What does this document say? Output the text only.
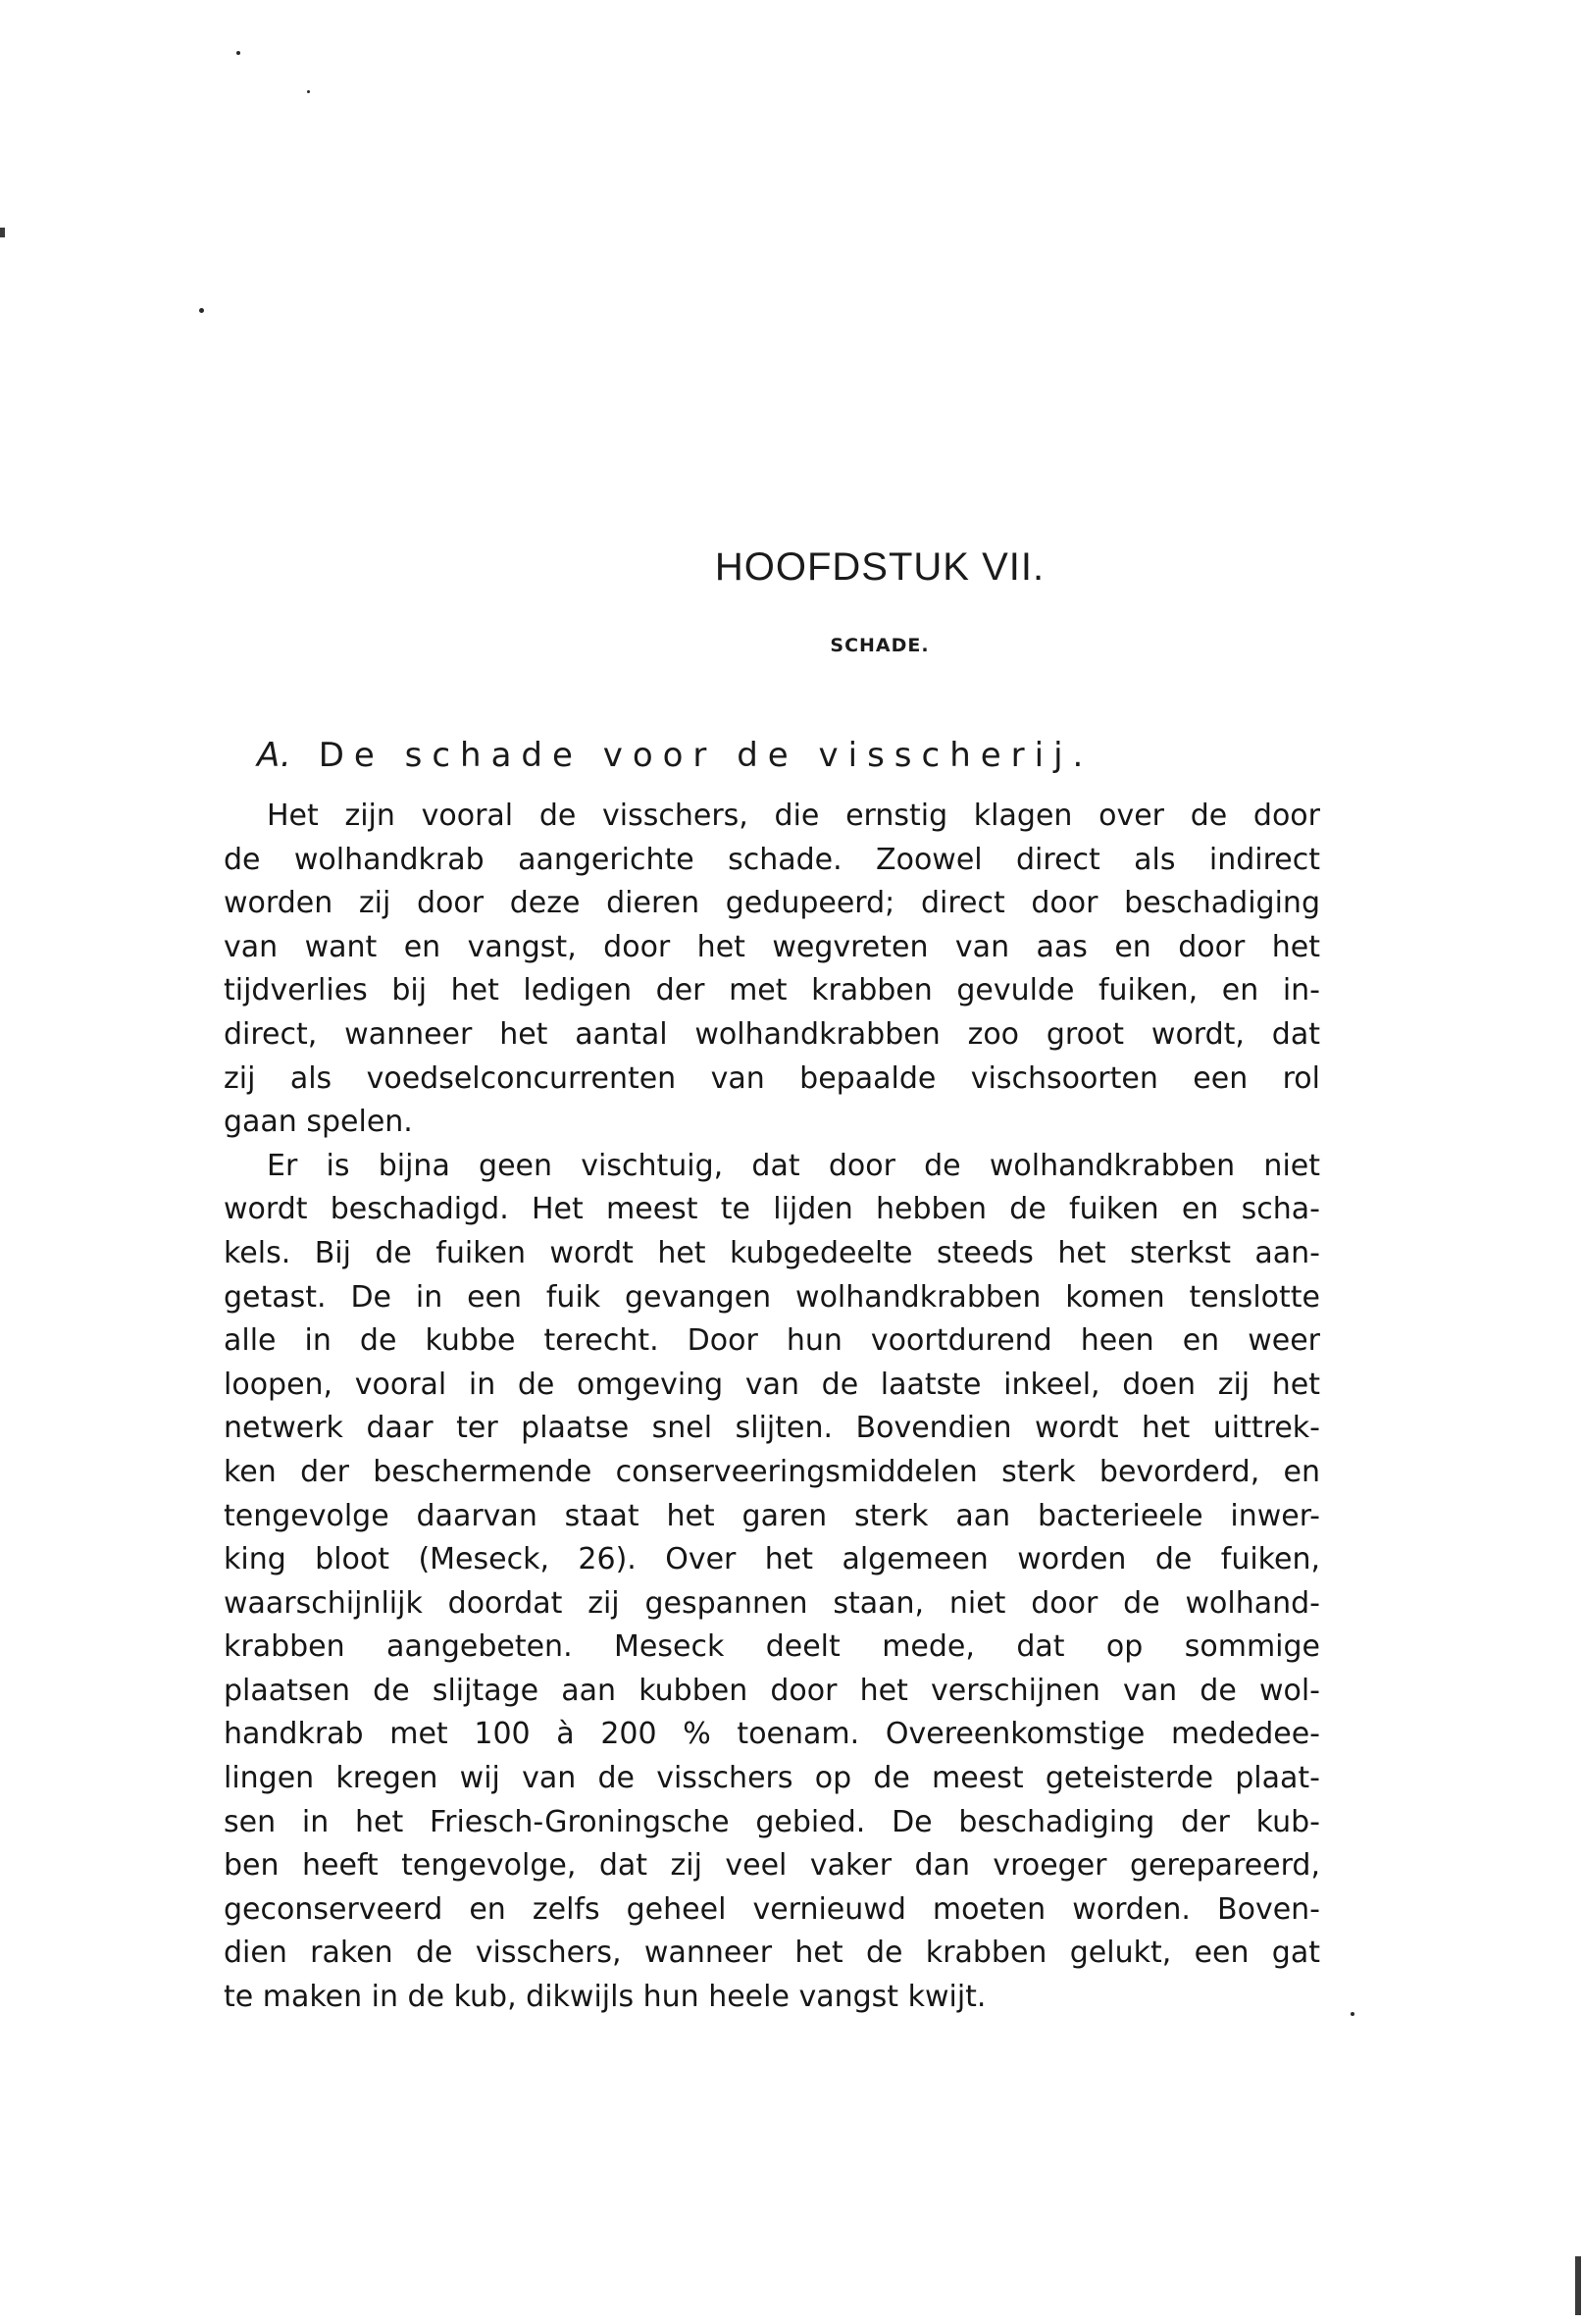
HOOFDSTUK VII.
SCHADE.
A. De schade voor de visscherij.
Het zijn vooral de visschers, die ernstig klagen over de door
de wolhandkrab aangerichte schade. Zoowel direct als indirect
worden zij door deze dieren gedupeerd; direct door beschadiging
van want en vangst, door het wegvreten van aas en door het
tijdverlies bij het ledigen der met krabben gevulde fuiken, en in-
direct, wanneer het aantal wolhandkrabben zoo groot wordt, dat
zij als voedselconcurrenten van bepaalde vischsoorten een rol
gaan spelen.
Er is bijna geen vischtuig, dat door de wolhandkrabben niet
wordt beschadigd. Het meest te lijden hebben de fuiken en scha-
kels. Bij de fuiken wordt het kubgedeelte steeds het sterkst aan-
getast. De in een fuik gevangen wolhandkrabben komen tenslotte
alle in de kubbe terecht. Door hun voortdurend heen en weer
loopen, vooral in de omgeving van de laatste inkeel, doen zij het
netwerk daar ter plaatse snel slijten. Bovendien wordt het uittrek-
ken der beschermende conserveeringsmiddelen sterk bevorderd, en
tengevolge daarvan staat het garen sterk aan bacterieele inwer-
king bloot (Meseck, 26). Over het algemeen worden de fuiken,
waarschijnlijk doordat zij gespannen staan, niet door de wolhand-
krabben aangebeten. Meseck deelt mede, dat op sommige
plaatsen de slijtage aan kubben door het verschijnen van de wol-
handkrab met 100 à 200 % toenam. Overeenkomstige mededee-
lingen kregen wij van de visschers op de meest geteisterde plaat-
sen in het Friesch-Groningsche gebied. De beschadiging der kub-
ben heeft tengevolge, dat zij veel vaker dan vroeger gerepareerd,
geconserveerd en zelfs geheel vernieuwd moeten worden. Boven-
dien raken de visschers, wanneer het de krabben gelukt, een gat
te maken in de kub, dikwijls hun heele vangst kwijt.
